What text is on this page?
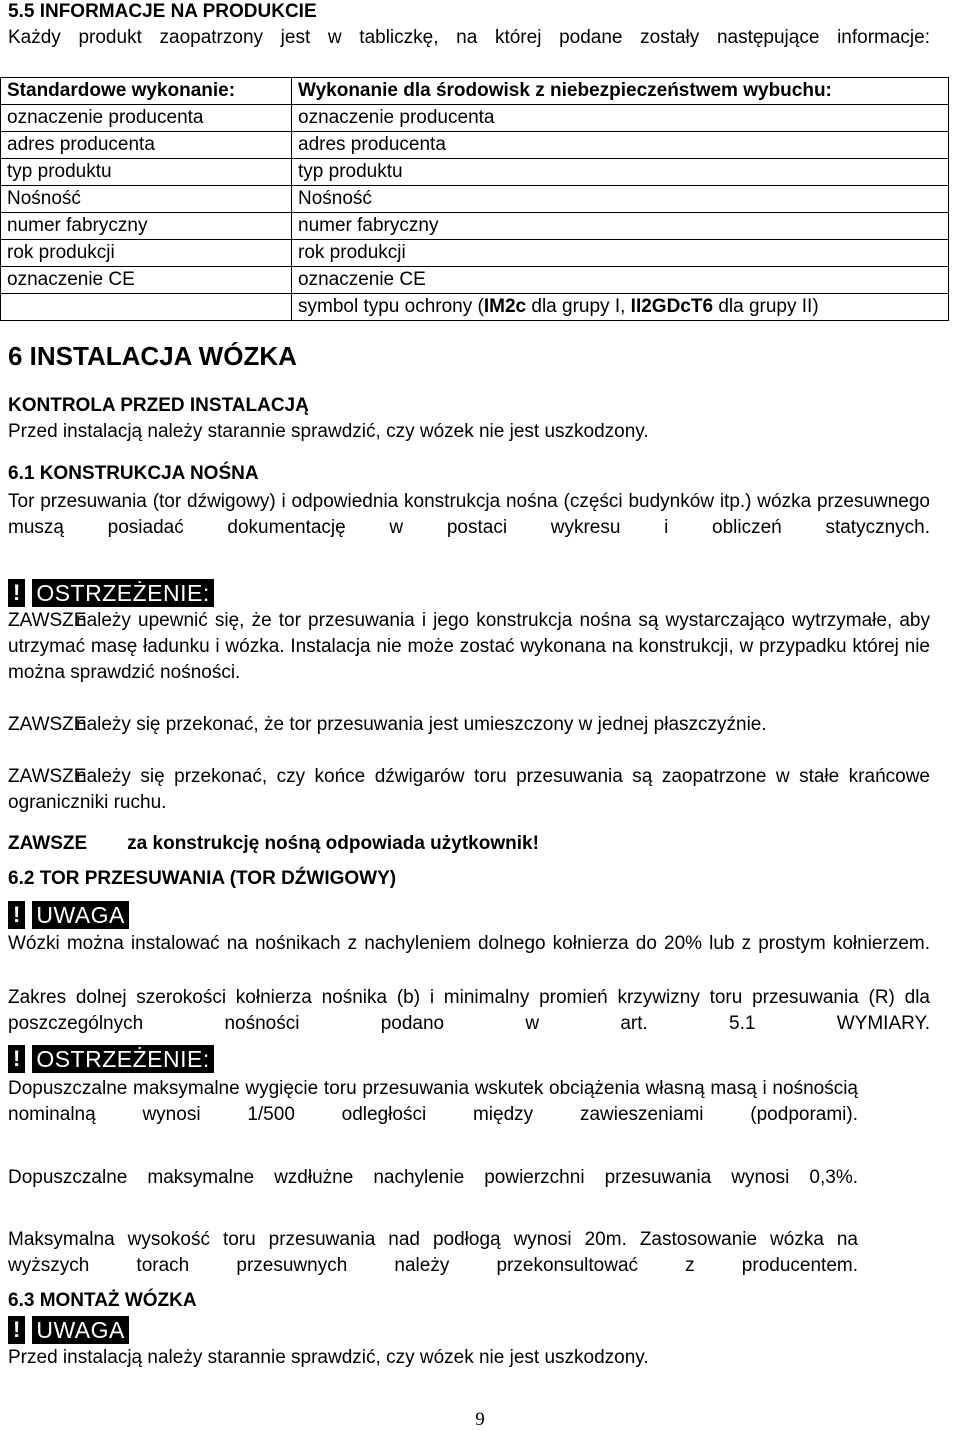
5.5 INFORMACJE NA PRODUKCIE
Każdy produkt zaopatrzony jest w tabliczkę, na której podane zostały następujące informacje:
Standardowe wykonanie:	Wykonanie dla środowisk z niebezpieczeństwem wybuchu:
oznaczenie producenta	oznaczenie producenta
adres producenta	adres producenta
typ produktu	typ produktu
Nośność	Nośność
numer fabryczny	numer fabryczny
rok produkcji	rok produkcji
oznaczenie CE	oznaczenie CE
	symbol typu ochrony (IM2c dla grupy I, II2GDcT6 dla grupy II)
6 INSTALACJA WÓZKA
KONTROLA PRZED INSTALACJĄ
Przed instalacją należy starannie sprawdzić, czy wózek nie jest uszkodzony.
6.1 KONSTRUKCJA NOŚNA
Tor przesuwania (tor dźwigowy) i odpowiednia konstrukcja nośna (części budynków itp.) wózka przesuwnego muszą posiadać dokumentację w postaci wykresu i obliczeń statycznych.
! OSTRZEŻENIE:
ZAWSZE
należy upewnić się, że tor przesuwania i jego konstrukcja nośna są wystarczająco wytrzymałe, aby utrzymać masę ładunku i wózka. Instalacja nie może zostać wykonana na konstrukcji, w przypadku której nie można sprawdzić nośności.
ZAWSZE
należy się przekonać, że tor przesuwania jest umieszczony w jednej płaszczyźnie.
ZAWSZE
należy się przekonać, czy końce dźwigarów toru przesuwania są zaopatrzone w stałe krańcowe ograniczniki ruchu.
ZAWSZE za konstrukcję nośną odpowiada użytkownik!
6.2 TOR PRZESUWANIA (TOR DŹWIGOWY)
! UWAGA
Wózki można instalować na nośnikach z nachyleniem dolnego kołnierza do 20% lub z prostym kołnierzem.
Zakres dolnej szerokości kołnierza nośnika (b) i minimalny promień krzywizny toru przesuwania (R) dla poszczególnych nośności podano w art. 5.1 WYMIARY.
! OSTRZEŻENIE:
Dopuszczalne maksymalne wygięcie toru przesuwania wskutek obciążenia własną masą i nośnością nominalną wynosi 1/500 odległości między zawieszeniami (podporami).
Dopuszczalne maksymalne wzdłużne nachylenie powierzchni przesuwania wynosi 0,3%.
Maksymalna wysokość toru przesuwania nad podłogą wynosi 20m. Zastosowanie wózka na wyższych torach przesuwnych należy przekonsultować z producentem.
6.3 MONTAŻ WÓZKA
! UWAGA
Przed instalacją należy starannie sprawdzić, czy wózek nie jest uszkodzony.
9
